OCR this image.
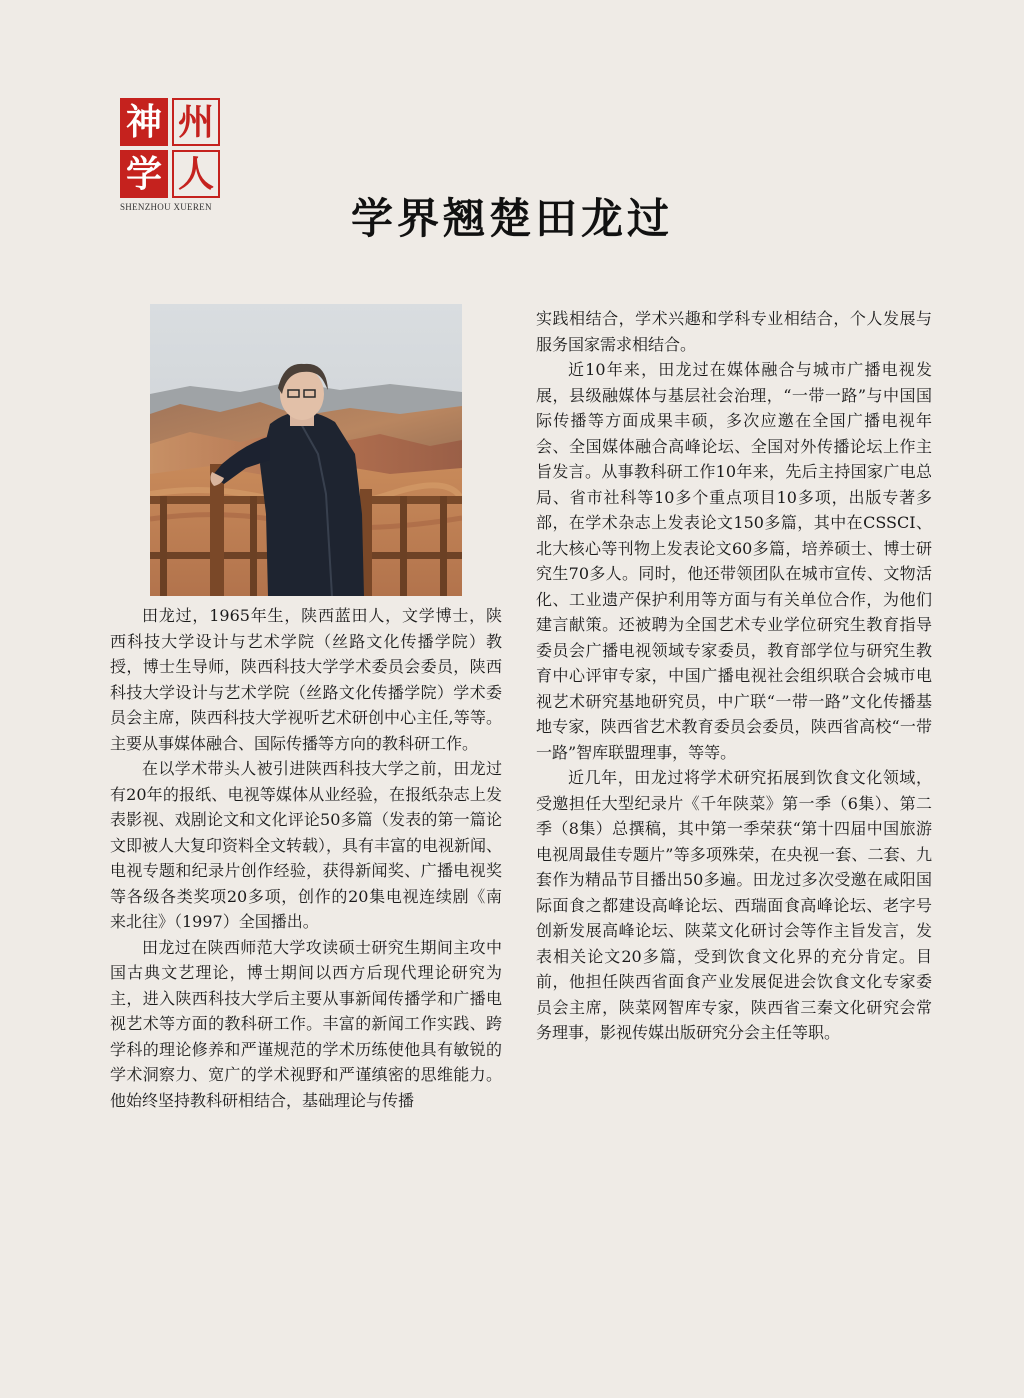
神 州
学 人
SHENZHOU XUEREN	学界翘楚田龙过

田龙过，1965年生，陕西蓝田人，文学博士，陕西科技大学设计与艺术学院（丝路文化传播学院）教授，博士生导师，陕西科技大学学术委员会委员，陕西科技大学设计与艺术学院（丝路文化传播学院）学术委员会主席，陕西科技大学视听艺术研创中心主任,等等。主要从事媒体融合、国际传播等方向的教科研工作。

在以学术带头人被引进陕西科技大学之前，田龙过有20年的报纸、电视等媒体从业经验，在报纸杂志上发表影视、戏剧论文和文化评论50多篇（发表的第一篇论文即被人大复印资料全文转载），具有丰富的电视新闻、电视专题和纪录片创作经验，获得新闻奖、广播电视奖等各级各类奖项20多项，创作的20集电视连续剧《南来北往》（1997）全国播出。

田龙过在陕西师范大学攻读硕士研究生期间主攻中国古典文艺理论，博士期间以西方后现代理论研究为主，进入陕西科技大学后主要从事新闻传播学和广播电视艺术等方面的教科研工作。丰富的新闻工作实践、跨学科的理论修养和严谨规范的学术历练使他具有敏锐的学术洞察力、宽广的学术视野和严谨缜密的思维能力。他始终坚持教科研相结合，基础理论与传播

实践相结合，学术兴趣和学科专业相结合，个人发展与服务国家需求相结合。

近10年来，田龙过在媒体融合与城市广播电视发展，县级融媒体与基层社会治理，“一带一路”与中国国际传播等方面成果丰硕，多次应邀在全国广播电视年会、全国媒体融合高峰论坛、全国对外传播论坛上作主旨发言。从事教科研工作10年来，先后主持国家广电总局、省市社科等10多个重点项目10多项，出版专著多部，在学术杂志上发表论文150多篇，其中在CSSCI、北大核心等刊物上发表论文60多篇，培养硕士、博士研究生70多人。同时，他还带领团队在城市宣传、文物活化、工业遗产保护利用等方面与有关单位合作，为他们建言献策。还被聘为全国艺术专业学位研究生教育指导委员会广播电视领域专家委员，教育部学位与研究生教育中心评审专家，中国广播电视社会组织联合会城市电视艺术研究基地研究员，中广联“一带一路”文化传播基地专家，陕西省艺术教育委员会委员，陕西省高校“一带一路”智库联盟理事，等等。

近几年，田龙过将学术研究拓展到饮食文化领域，受邀担任大型纪录片《千年陕菜》第一季（6集）、第二季（8集）总撰稿，其中第一季荣获“第十四届中国旅游电视周最佳专题片”等多项殊荣，在央视一套、二套、九套作为精品节目播出50多遍。田龙过多次受邀在咸阳国际面食之都建设高峰论坛、西瑞面食高峰论坛、老字号创新发展高峰论坛、陕菜文化研讨会等作主旨发言，发表相关论文20多篇，受到饮食文化界的充分肯定。目前，他担任陕西省面食产业发展促进会饮食文化专家委员会主席，陕菜网智库专家，陕西省三秦文化研究会常务理事，影视传媒出版研究分会主任等职。
